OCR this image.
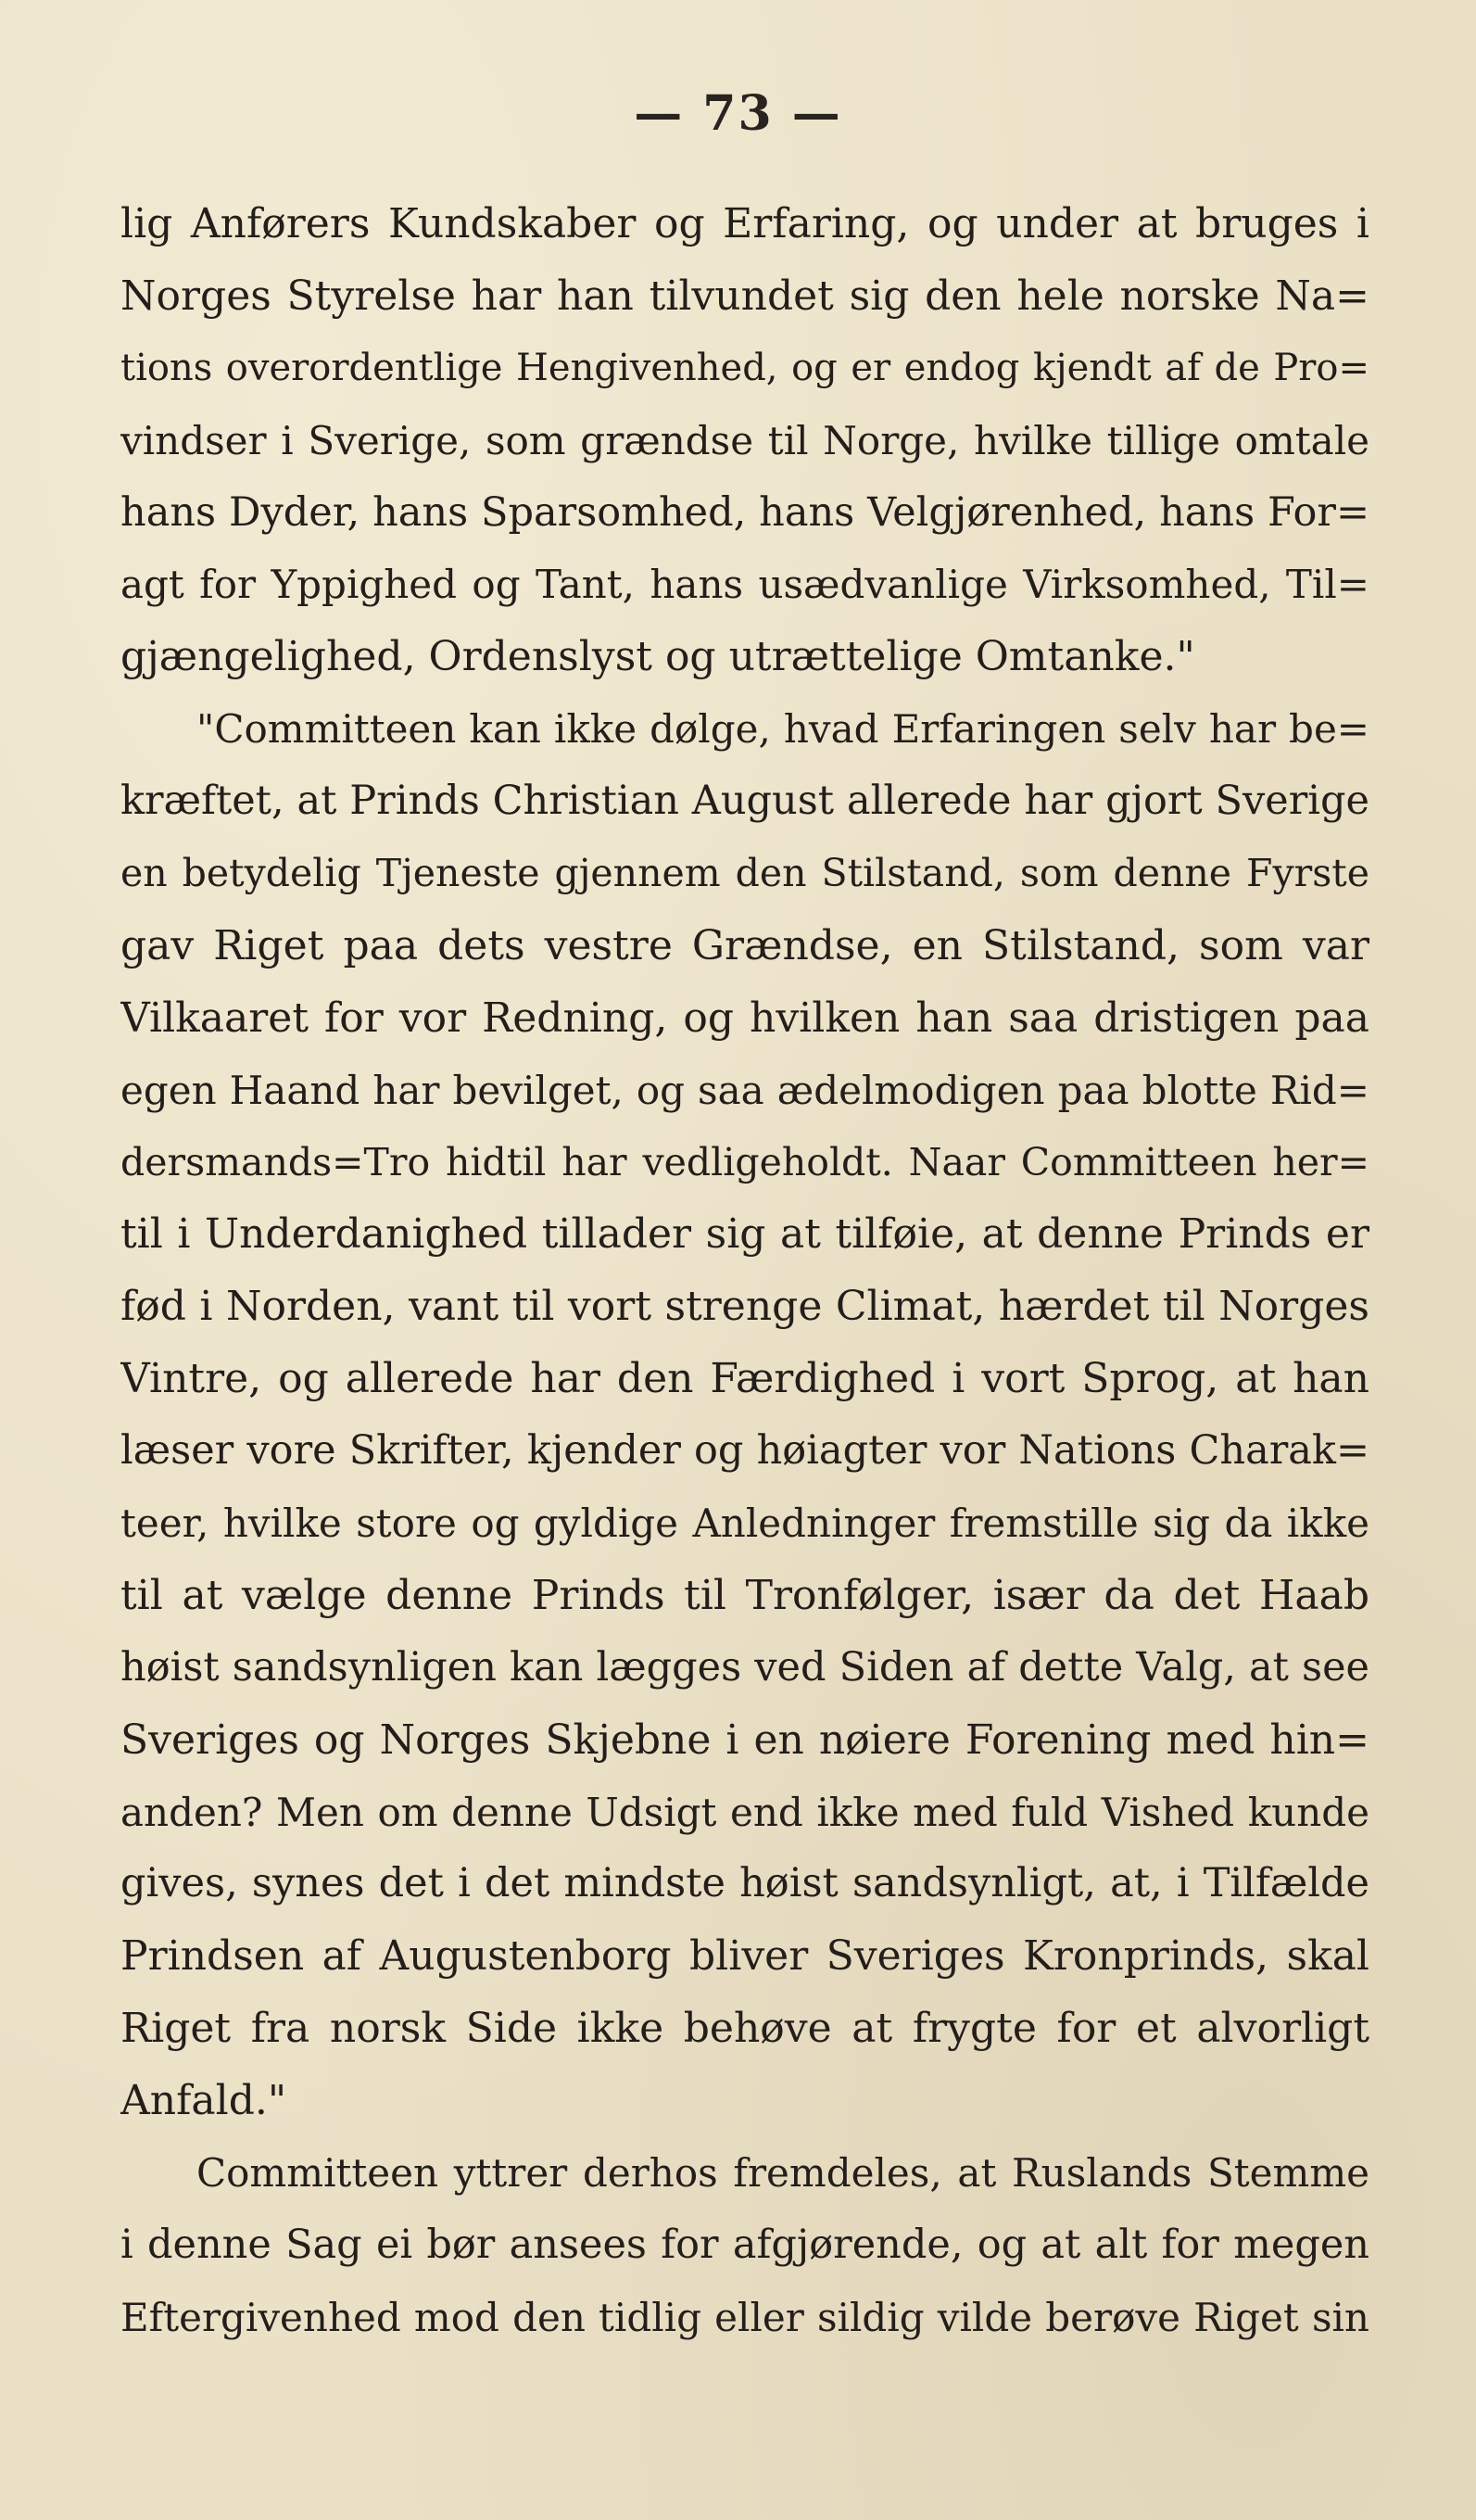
— 73 —
lig Anførers Kundskaber og Erfaring, og under at bruges i
Norges Styrelse har han tilvundet sig den hele norske Na=
tions overordentlige Hengivenhed, og er endog kjendt af de Pro=
vindser i Sverige, som grændse til Norge, hvilke tillige omtale
hans Dyder, hans Sparsomhed, hans Velgjørenhed, hans For=
agt for Yppighed og Tant, hans usædvanlige Virksomhed, Til=
gjængelighed, Ordenslyst og utrættelige Omtanke."
"Committeen kan ikke dølge, hvad Erfaringen selv har be=
kræftet, at Prinds Christian August allerede har gjort Sverige
en betydelig Tjeneste gjennem den Stilstand, som denne Fyrste
gav Riget paa dets vestre Grændse, en Stilstand, som var
Vilkaaret for vor Redning, og hvilken han saa dristigen paa
egen Haand har bevilget, og saa ædelmodigen paa blotte Rid=
dersmands=Tro hidtil har vedligeholdt. Naar Committeen her=
til i Underdanighed tillader sig at tilføie, at denne Prinds er
fød i Norden, vant til vort strenge Climat, hærdet til Norges
Vintre, og allerede har den Færdighed i vort Sprog, at han
læser vore Skrifter, kjender og høiagter vor Nations Charak=
teer, hvilke store og gyldige Anledninger fremstille sig da ikke
til at vælge denne Prinds til Tronfølger, især da det Haab
høist sandsynligen kan lægges ved Siden af dette Valg, at see
Sveriges og Norges Skjebne i en nøiere Forening med hin=
anden? Men om denne Udsigt end ikke med fuld Vished kunde
gives, synes det i det mindste høist sandsynligt, at, i Tilfælde
Prindsen af Augustenborg bliver Sveriges Kronprinds, skal
Riget fra norsk Side ikke behøve at frygte for et alvorligt
Anfald."
Committeen yttrer derhos fremdeles, at Ruslands Stemme
i denne Sag ei bør ansees for afgjørende, og at alt for megen
Eftergivenhed mod den tidlig eller sildig vilde berøve Riget sin
